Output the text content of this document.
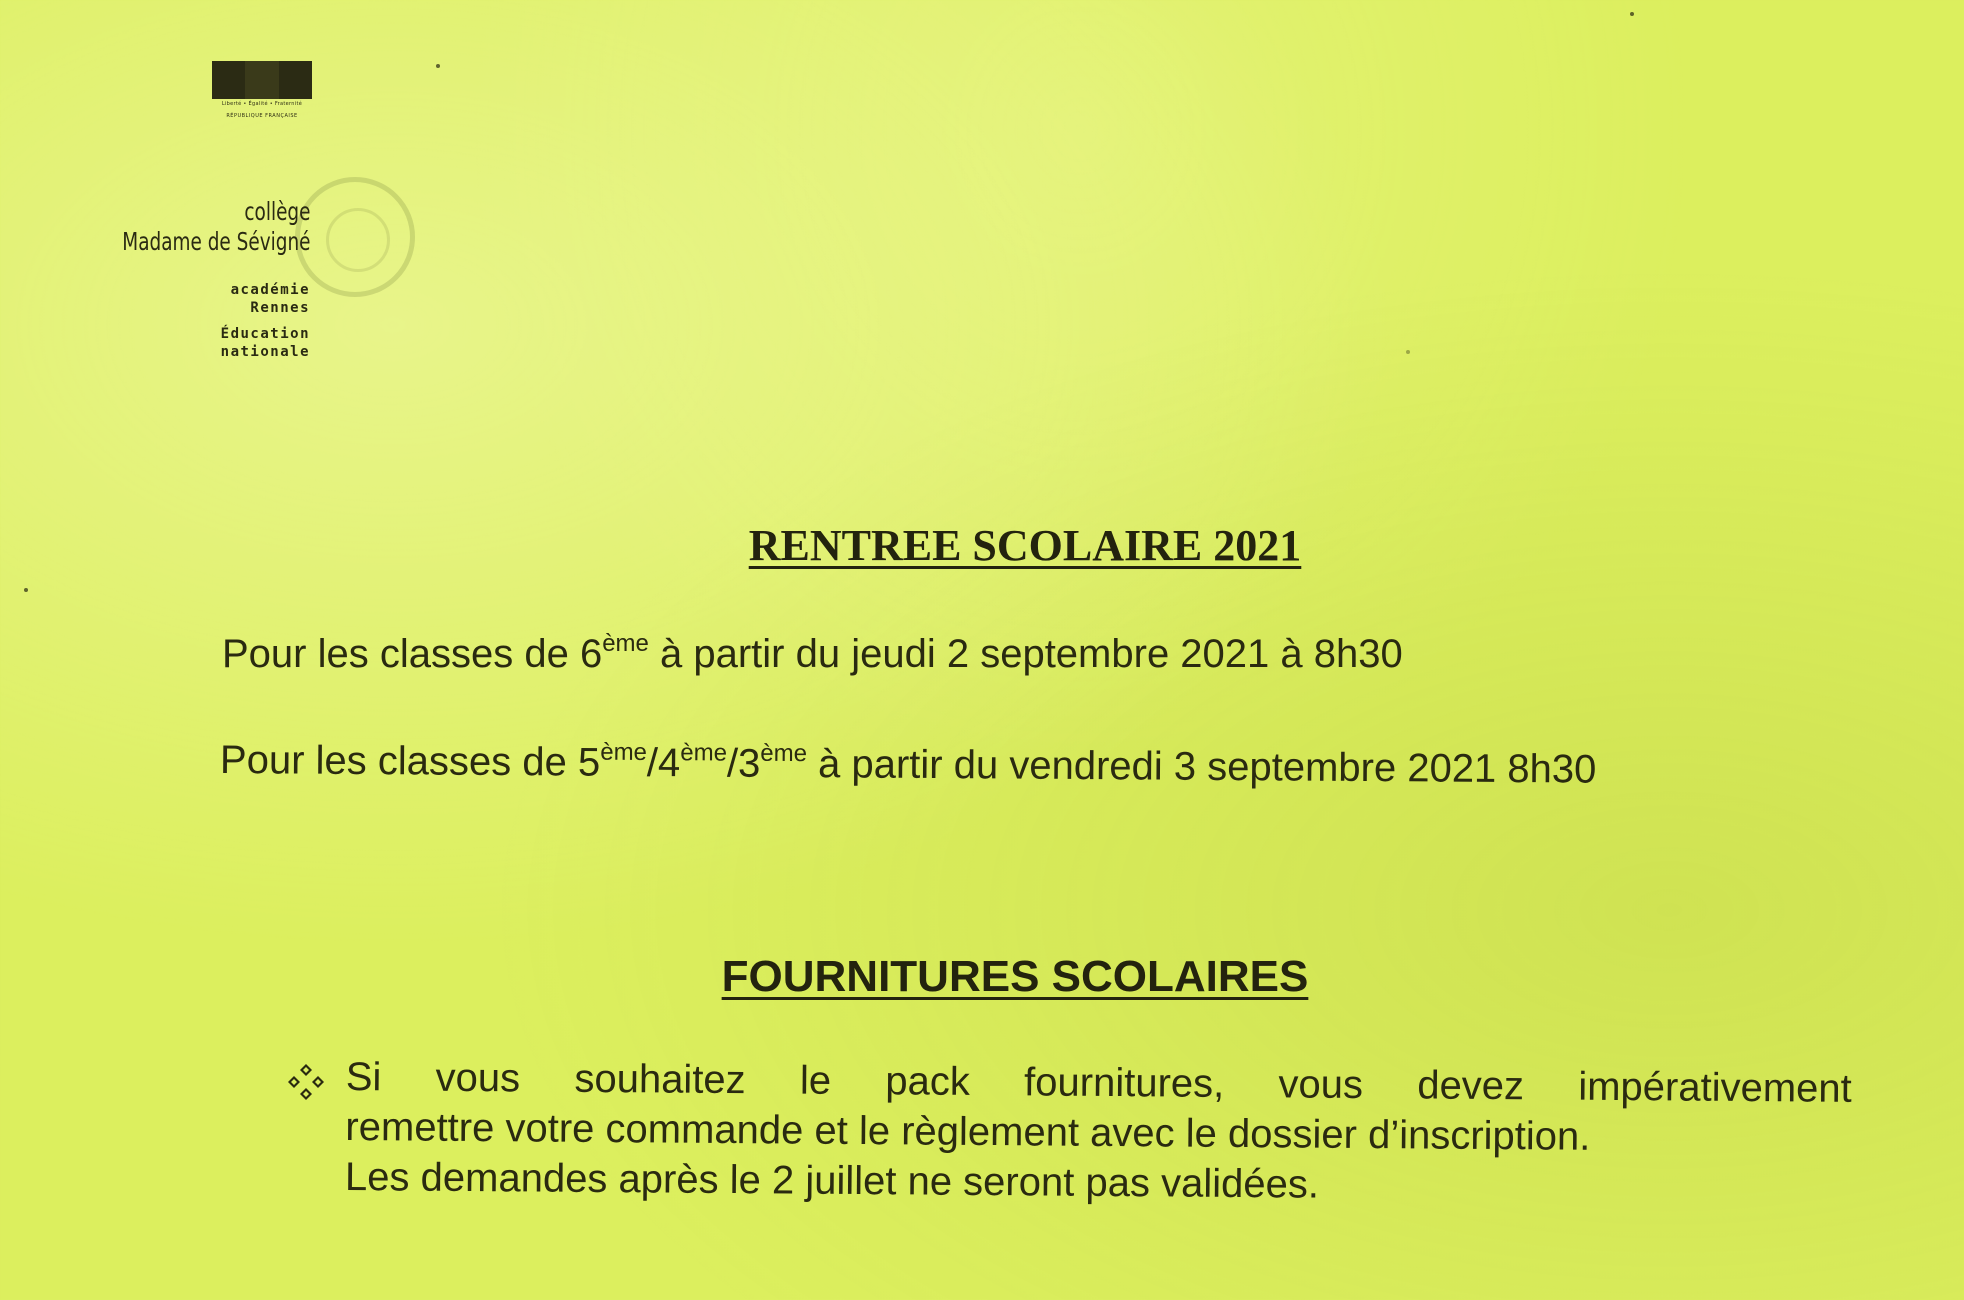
Liberté • Égalité • Fraternité
RÉPUBLIQUE FRANÇAISE
collège
Madame de Sévigné
académie
Rennes
Éducation
nationale
RENTREE SCOLAIRE 2021
Pour les classes de 6ème à partir du jeudi 2 septembre 2021 à 8h30
Pour les classes de 5ème/4ème/3ème à partir du vendredi 3 septembre 2021 8h30
FOURNITURES SCOLAIRES
Si vous souhaitez le pack fournitures, vous devez impérativement
remettre votre commande et le règlement avec le dossier d’inscription.
Les demandes après le 2 juillet ne seront pas validées.
